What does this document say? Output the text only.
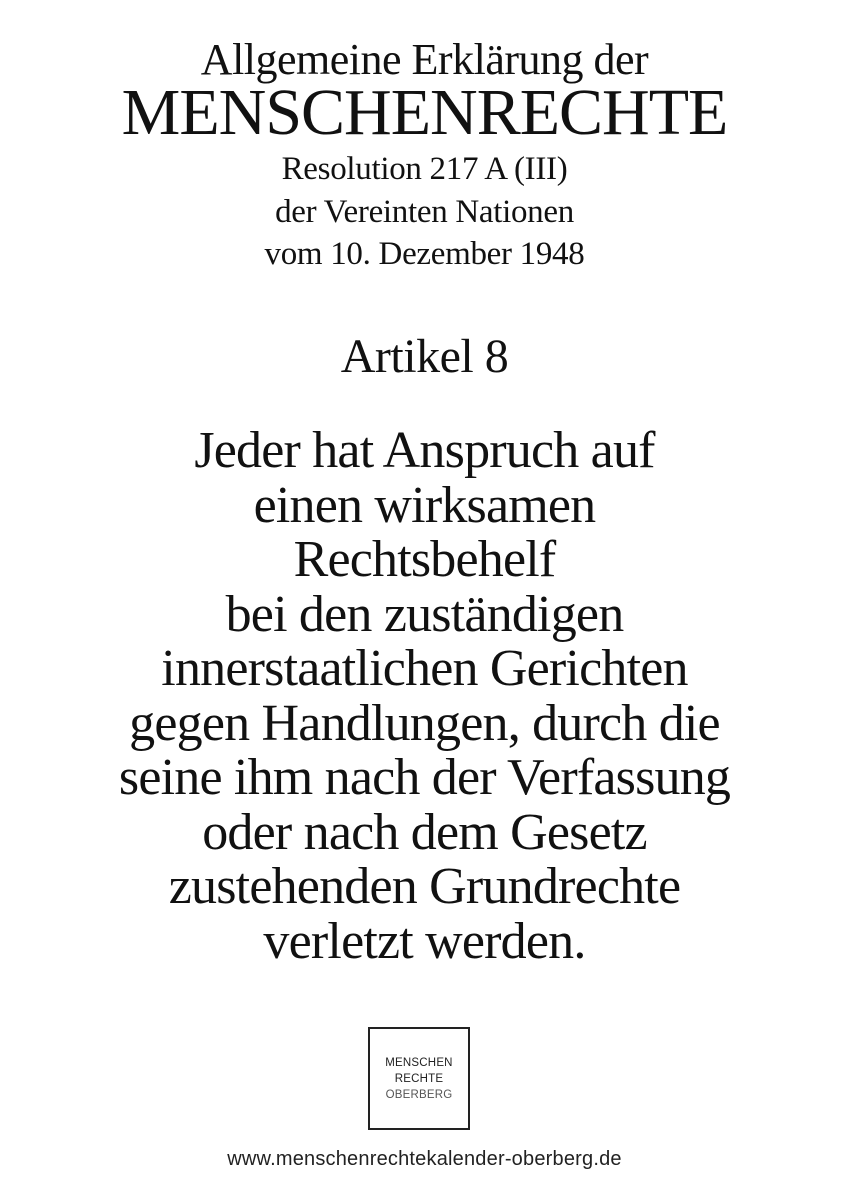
Allgemeine Erklärung der
MENSCHENRECHTE
Resolution 217 A (III)
der Vereinten Nationen
vom 10. Dezember 1948
Artikel 8
Jeder hat Anspruch auf
einen wirksamen
Rechtsbehelf
bei den zuständigen
innerstaatlichen Gerichten
gegen Handlungen, durch die
seine ihm nach der Verfassung
oder nach dem Gesetz
zustehenden Grundrechte
verletzt werden.
MENSCHEN
RECHTE
OBERBERG
www.menschenrechtekalender-oberberg.de
